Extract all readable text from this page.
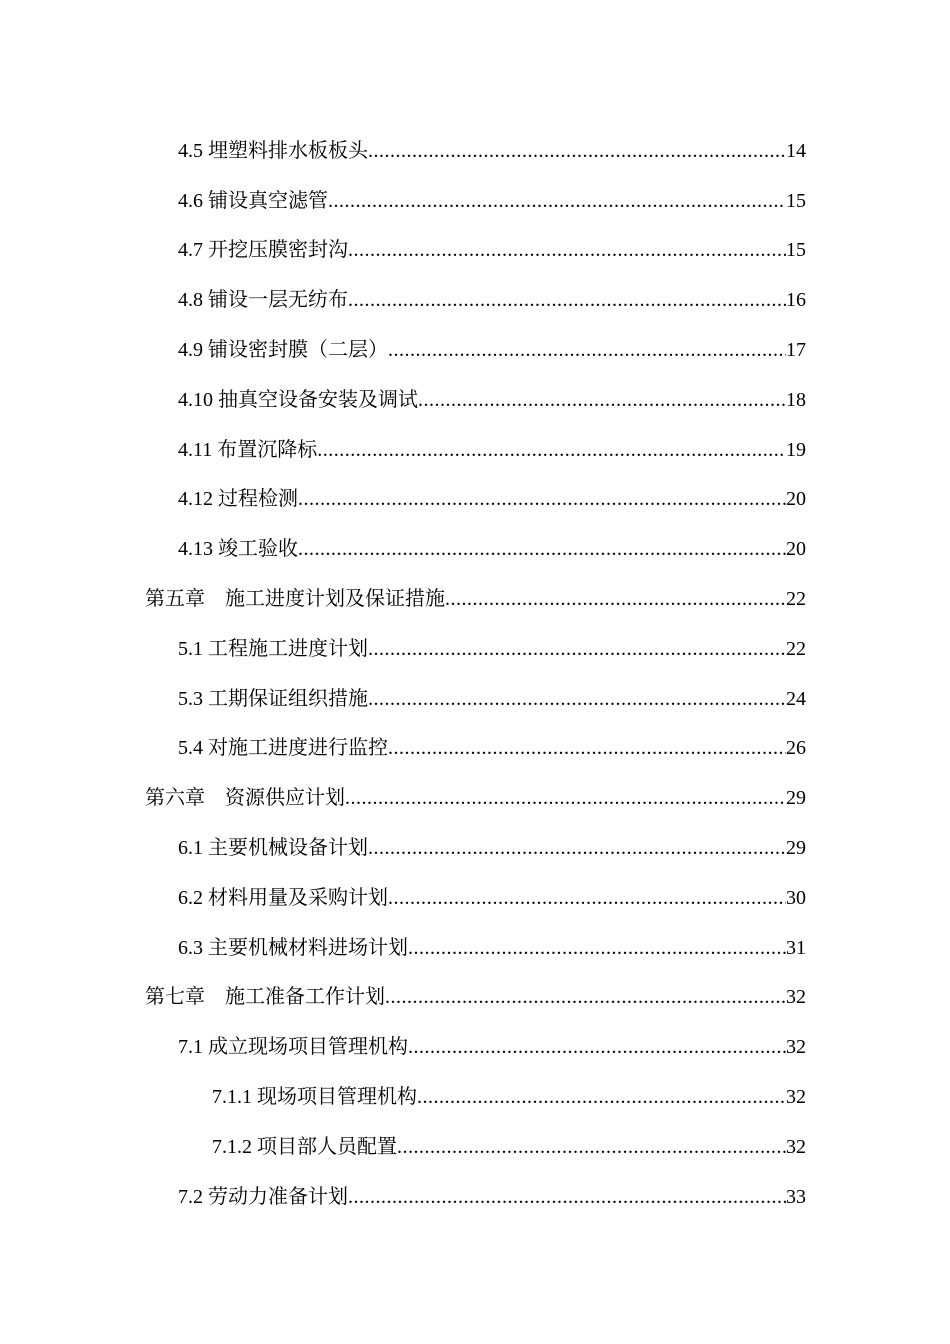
4.5 埋塑料排水板板头 .....	14
4.6 铺设真空滤管 .....	15
4.7 开挖压膜密封沟 .....	15
4.8 铺设一层无纺布 .....	16
4.9 铺设密封膜（二层） .....	17
4.10 抽真空设备安装及调试 .....	18
4.11 布置沉降标 .....	19
4.12 过程检测 .....	20
4.13 竣工验收 .....	20
第五章　施工进度计划及保证措施 .....	22
5.1 工程施工进度计划 .....	22
5.3 工期保证组织措施 .....	24
5.4 对施工进度进行监控 .....	26
第六章　资源供应计划 .....	29
6.1 主要机械设备计划 .....	29
6.2 材料用量及采购计划 .....	30
6.3 主要机械材料进场计划 .....	31
第七章　施工准备工作计划 .....	32
7.1 成立现场项目管理机构 .....	32
7.1.1 现场项目管理机构 .....	32
7.1.2 项目部人员配置 .....	32
7.2 劳动力准备计划 .....	33
